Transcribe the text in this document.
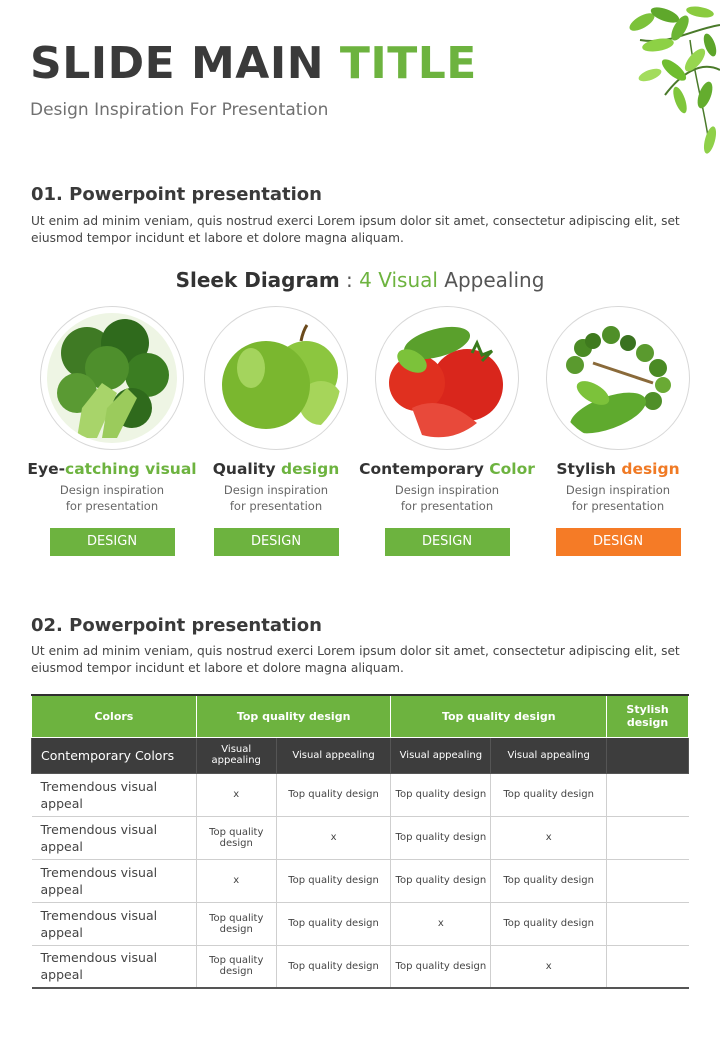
SLIDE MAIN TITLE
Design Inspiration For Presentation
01. Powerpoint presentation
Ut enim ad minim veniam, quis nostrud exerci Lorem ipsum dolor sit amet, consectetur adipiscing elit, set eiusmod tempor incidunt et labore et dolore magna aliquam.
Sleek Diagram : 4 Visual Appealing
Eye-catching visual
Design inspiration
for presentation
DESIGN
Quality design
Design inspiration
for presentation
DESIGN
Contemporary Color
Design inspiration
for presentation
DESIGN
Stylish design
Design inspiration
for presentation
DESIGN
02. Powerpoint presentation
Ut enim ad minim veniam, quis nostrud exerci Lorem ipsum dolor sit amet, consectetur adipiscing elit, set eiusmod tempor incidunt et labore et dolore magna aliquam.
Colors	Top quality design		Top quality design		Stylish design
Contemporary Colors	Visual appealing	Visual appealing	Visual appealing	Visual appealing	
Tremendous visual appeal	x	Top quality design	Top quality design	Top quality design	
Tremendous visual appeal	Top quality design	x	Top quality design	x	
Tremendous visual appeal	x	Top quality design	Top quality design	Top quality design	
Tremendous visual appeal	Top quality design	Top quality design	x	Top quality design	
Tremendous visual appeal	Top quality design	Top quality design	Top quality design	x	
